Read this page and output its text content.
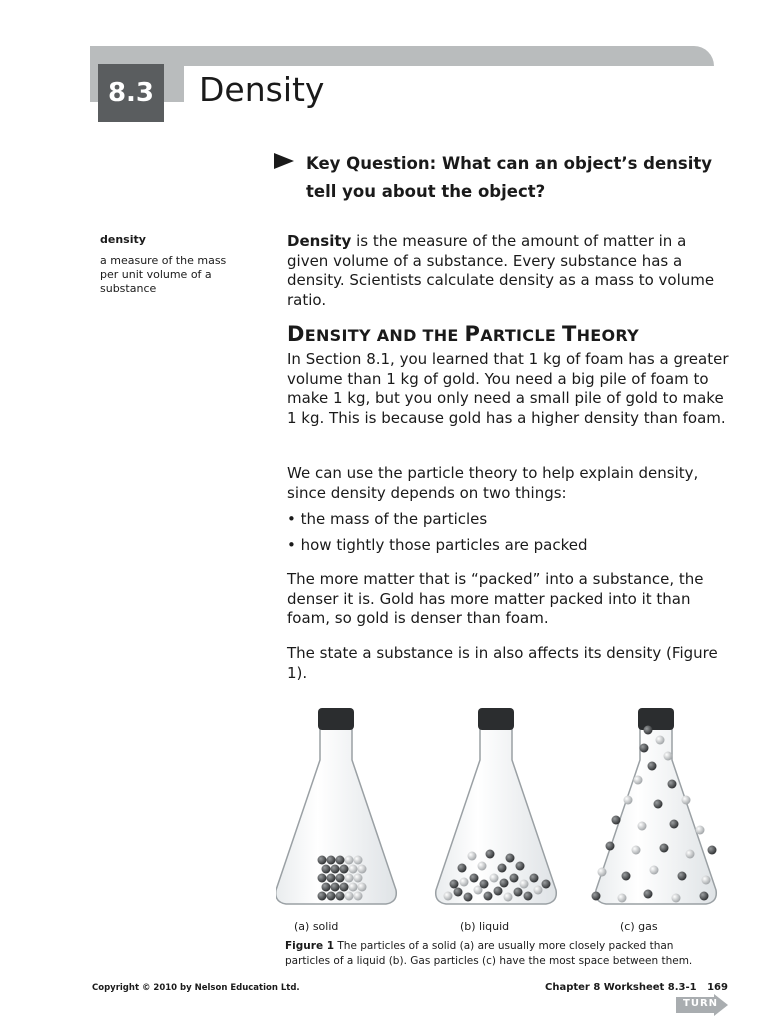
8.3	Density
Key Question: What can an object’s density tell you about the object?
density
a measure of the mass per unit volume of a substance
Density is the measure of the amount of matter in a given volume of a substance. Every substance has a density. Scientists calculate density as a mass to volume ratio.
DENSITY AND THE PARTICLE THEORY
In Section 8.1, you learned that 1 kg of foam has a greater volume than 1 kg of gold. You need a big pile of foam to make 1 kg, but you only need a small pile of gold to make 1 kg. This is because gold has a higher density than foam.
We can use the particle theory to help explain density, since density depends on two things:
• the mass of the particles
• how tightly those particles are packed
The more matter that is “packed” into a substance, the denser it is. Gold has more matter packed into it than foam, so gold is denser than foam.
The state a substance is in also affects its density (Figure 1).
(a) solid	(b) liquid	(c) gas
Figure 1 The particles of a solid (a) are usually more closely packed than particles of a liquid (b). Gas particles (c) have the most space between them.
Copyright © 2010 by Nelson Education Ltd.	Chapter 8 Worksheet 8.3-1 169
TURN
